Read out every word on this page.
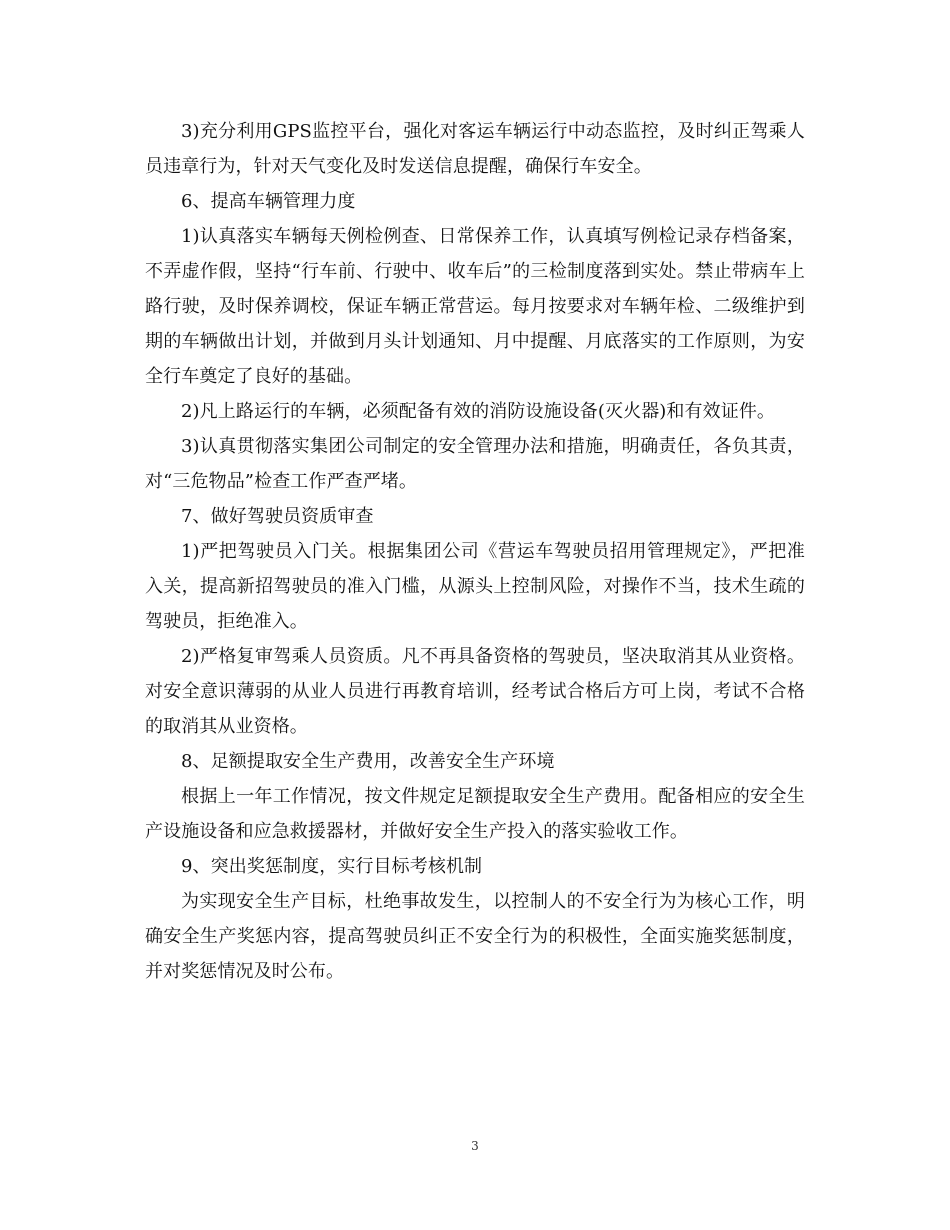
3)充分利用GPS监控平台，强化对客运车辆运行中动态监控，及时纠正驾乘人员违章行为，针对天气变化及时发送信息提醒，确保行车安全。

6、提高车辆管理力度

1)认真落实车辆每天例检例查、日常保养工作，认真填写例检记录存档备案，不弄虚作假，坚持“行车前、行驶中、收车后”的三检制度落到实处。禁止带病车上路行驶，及时保养调校，保证车辆正常营运。每月按要求对车辆年检、二级维护到期的车辆做出计划，并做到月头计划通知、月中提醒、月底落实的工作原则，为安全行车奠定了良好的基础。

2)凡上路运行的车辆，必须配备有效的消防设施设备(灭火器)和有效证件。

3)认真贯彻落实集团公司制定的安全管理办法和措施，明确责任，各负其责，对“三危物品”检查工作严查严堵。

7、做好驾驶员资质审查

1)严把驾驶员入门关。根据集团公司《营运车驾驶员招用管理规定》，严把准入关，提高新招驾驶员的准入门槛，从源头上控制风险，对操作不当，技术生疏的驾驶员，拒绝准入。

2)严格复审驾乘人员资质。凡不再具备资格的驾驶员，坚决取消其从业资格。对安全意识薄弱的从业人员进行再教育培训，经考试合格后方可上岗，考试不合格的取消其从业资格。

8、足额提取安全生产费用，改善安全生产环境

根据上一年工作情况，按文件规定足额提取安全生产费用。配备相应的安全生产设施设备和应急救援器材，并做好安全生产投入的落实验收工作。

9、突出奖惩制度，实行目标考核机制

为实现安全生产目标，杜绝事故发生，以控制人的不安全行为为核心工作，明确安全生产奖惩内容，提高驾驶员纠正不安全行为的积极性，全面实施奖惩制度，并对奖惩情况及时公布。

3
